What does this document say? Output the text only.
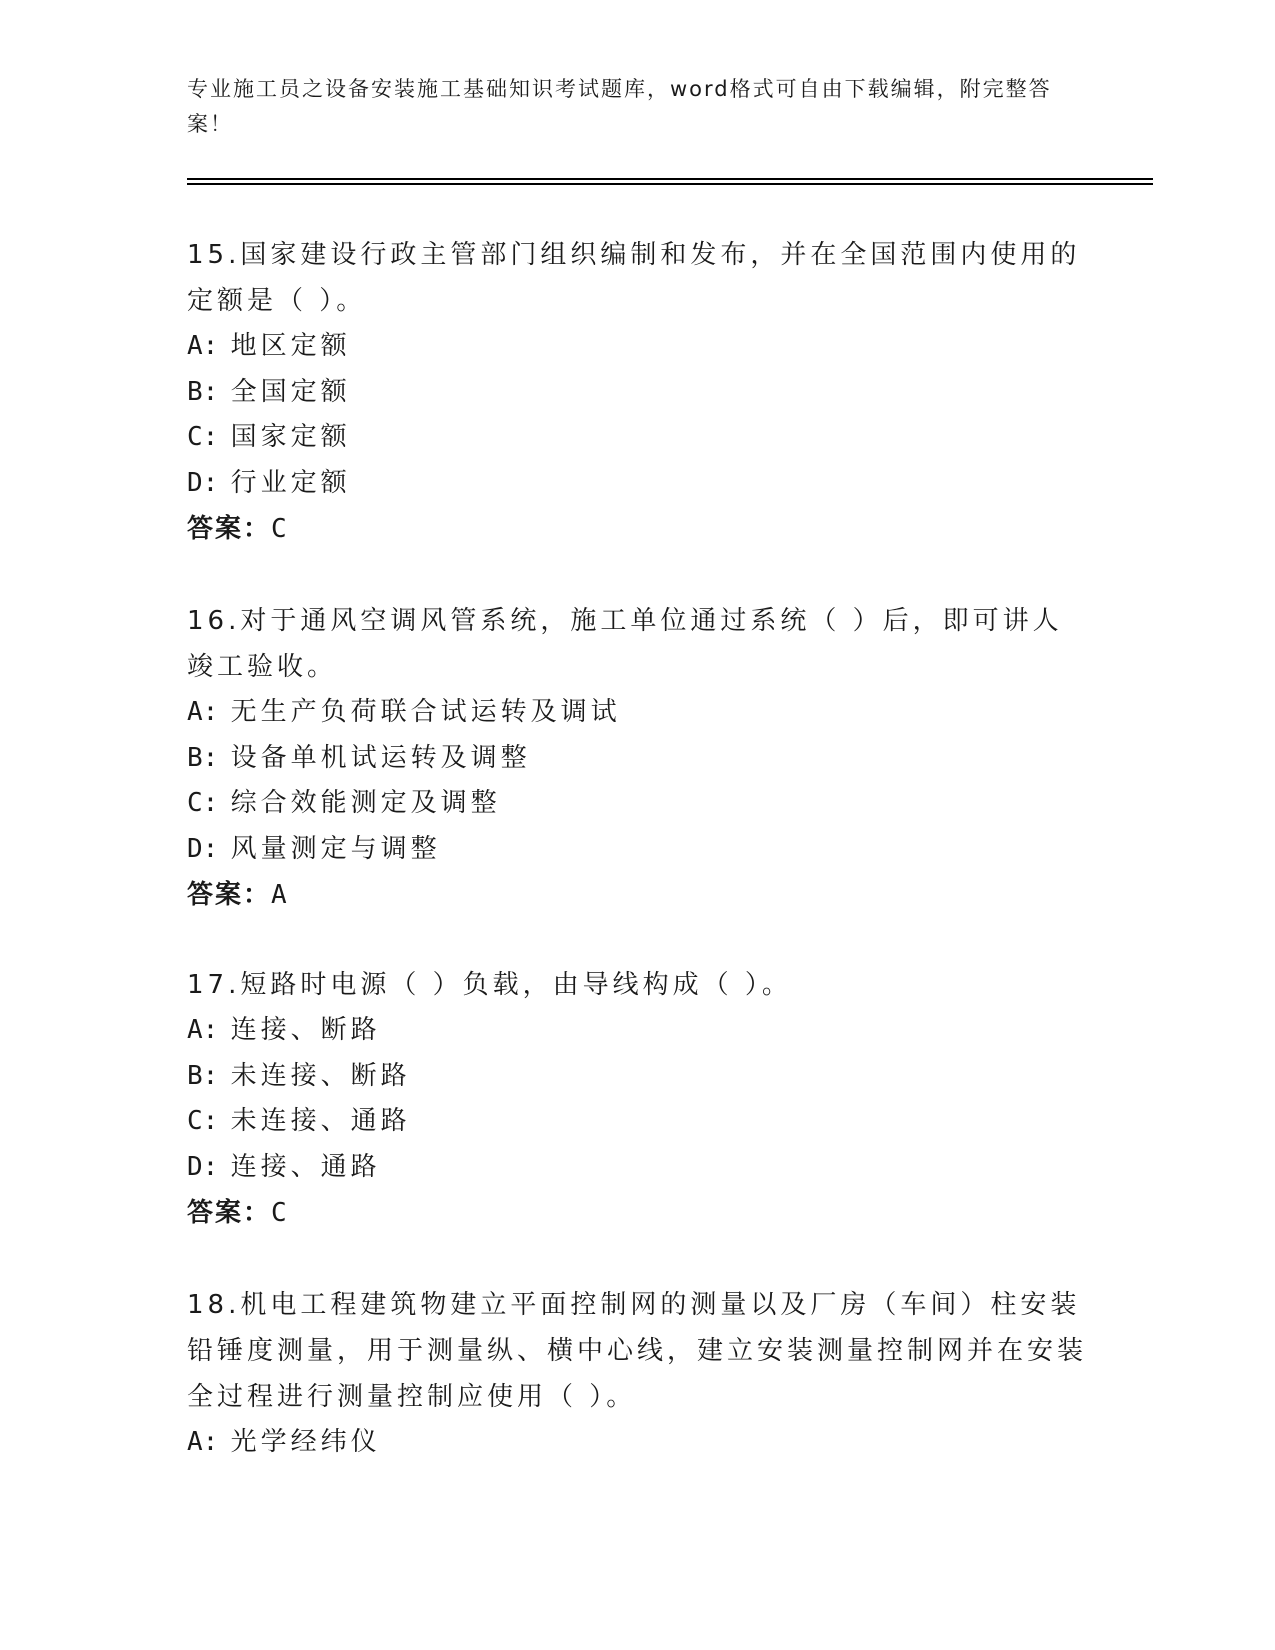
专业施工员之设备安装施工基础知识考试题库，word格式可自由下载编辑，附完整答案！

15.国家建设行政主管部门组织编制和发布，并在全国范围内使用的定额是（ ）。

A: 地区定额

B: 全国定额

C: 国家定额

D: 行业定额

答案：C

16.对于通风空调风管系统，施工单位通过系统（ ）后，即可讲人竣工验收。

A: 无生产负荷联合试运转及调试

B: 设备单机试运转及调整

C: 综合效能测定及调整

D: 风量测定与调整

答案：A

17.短路时电源（ ）负载，由导线构成（ ）。

A: 连接、断路

B: 未连接、断路

C: 未连接、通路

D: 连接、通路

答案：C

18.机电工程建筑物建立平面控制网的测量以及厂房（车间）柱安装铅锤度测量，用于测量纵、横中心线，建立安装测量控制网并在安装全过程进行测量控制应使用（ ）。

A: 光学经纬仪
